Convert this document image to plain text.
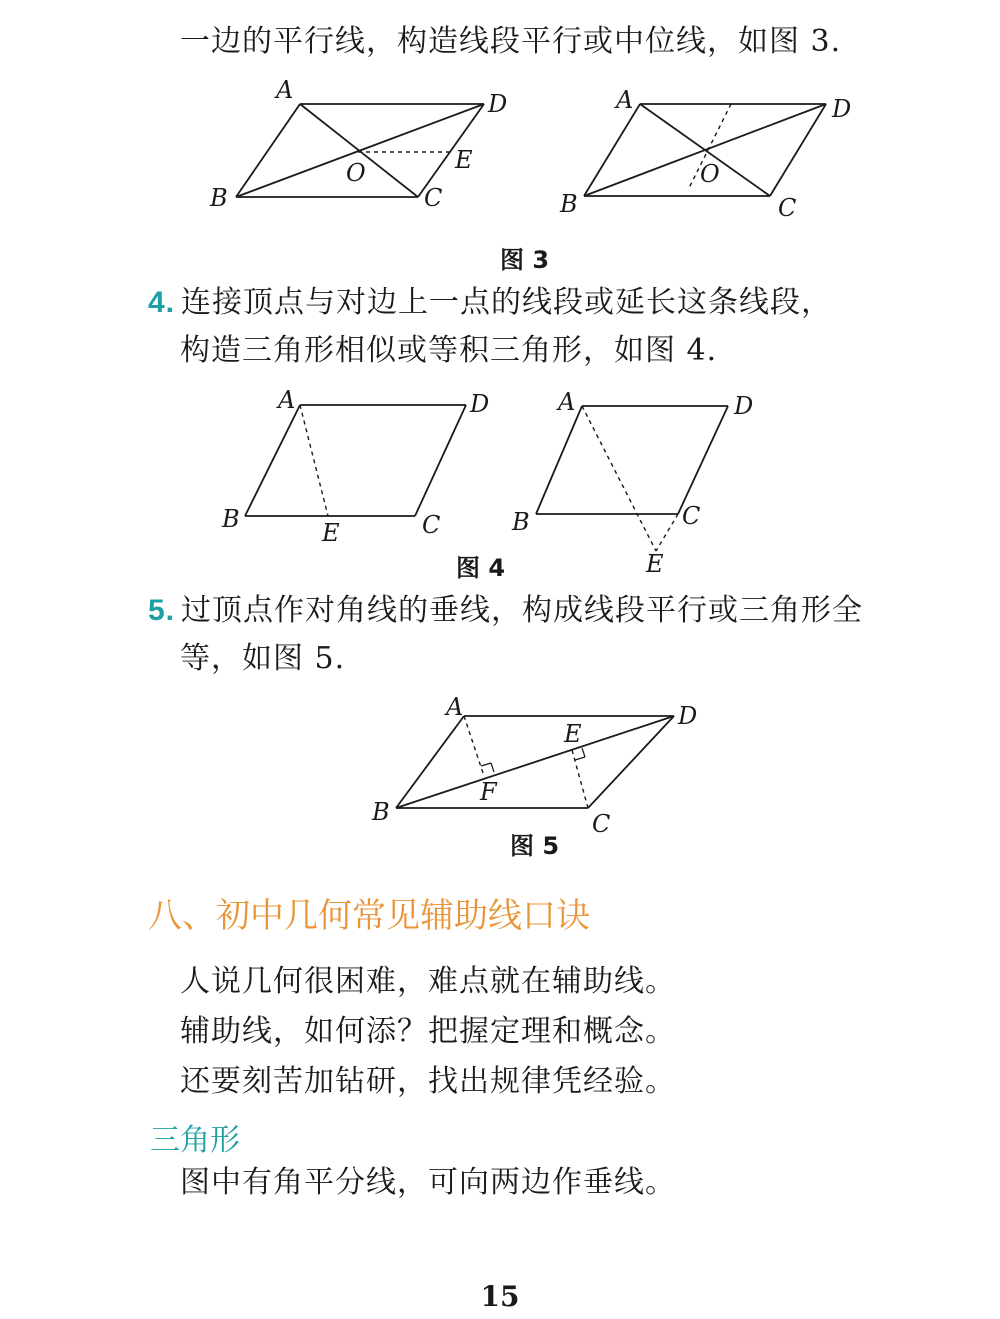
一边的平行线，构造线段平行或中位线，如图 3.
A	D
B	C
O	E
A	D
B	C
O
图 3
4. 连接顶点与对边上一点的线段或延长这条线段，
构造三角形相似或等积三角形，如图 4.
A	D
B	C
E
A	D
B	C
E
图 4
5. 过顶点作对角线的垂线，构成线段平行或三角形全
等，如图 5.
A	D
B	C
E
F
图 5
八、初中几何常见辅助线口诀
人说几何很困难，难点就在辅助线。
辅助线，如何添？把握定理和概念。
还要刻苦加钻研，找出规律凭经验。
三角形
图中有角平分线，可向两边作垂线。
15
